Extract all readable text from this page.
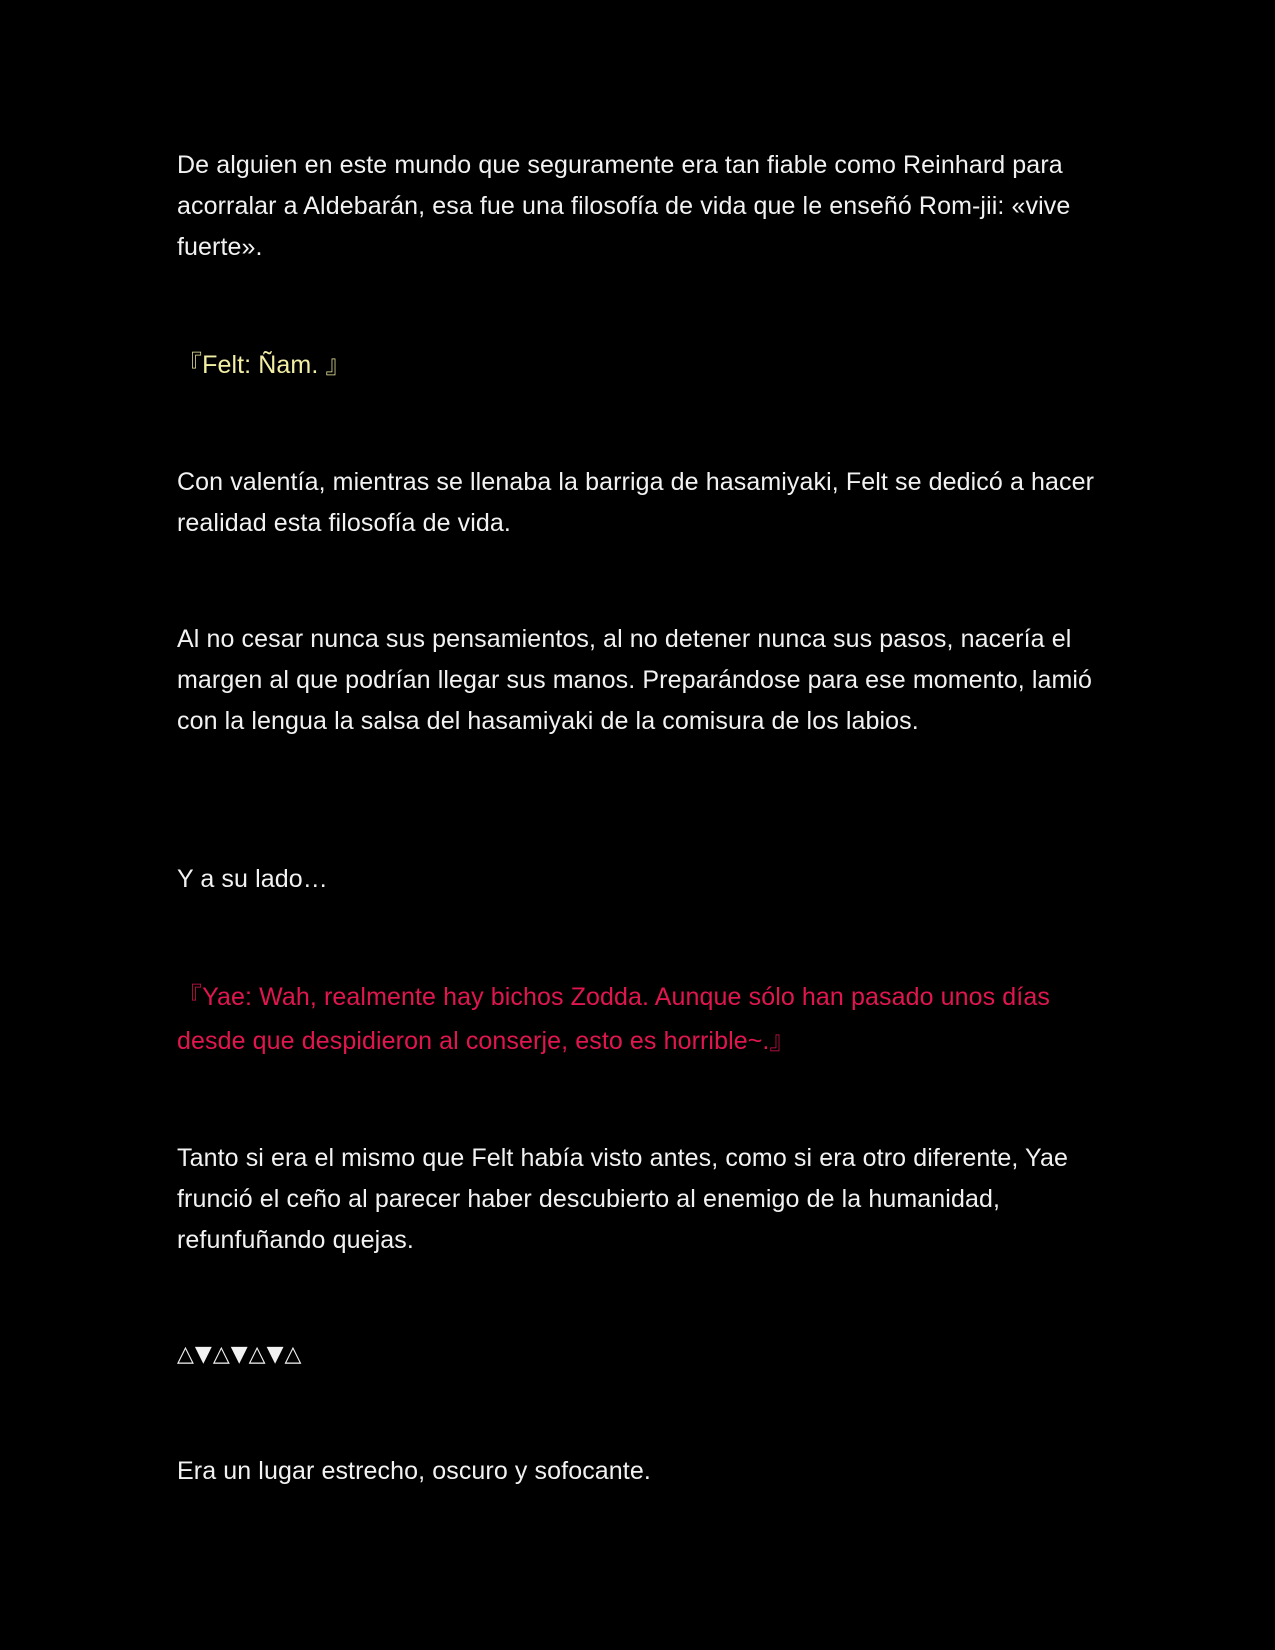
De alguien en este mundo que seguramente era tan fiable como Reinhard para acorralar a Aldebarán, esa fue una filosofía de vida que le enseñó Rom-jii: «vive fuerte».

『Felt: Ñam. 』

Con valentía, mientras se llenaba la barriga de hasamiyaki, Felt se dedicó a hacer realidad esta filosofía de vida.

Al no cesar nunca sus pensamientos, al no detener nunca sus pasos, nacería el margen al que podrían llegar sus manos. Preparándose para ese momento, lamió con la lengua la salsa del hasamiyaki de la comisura de los labios.

Y a su lado…

『Yae: Wah, realmente hay bichos Zodda. Aunque sólo han pasado unos días desde que despidieron al conserje, esto es horrible~.』

Tanto si era el mismo que Felt había visto antes, como si era otro diferente, Yae frunció el ceño al parecer haber descubierto al enemigo de la humanidad, refunfuñando quejas.

△▼△▼△▼△

Era un lugar estrecho, oscuro y sofocante.
